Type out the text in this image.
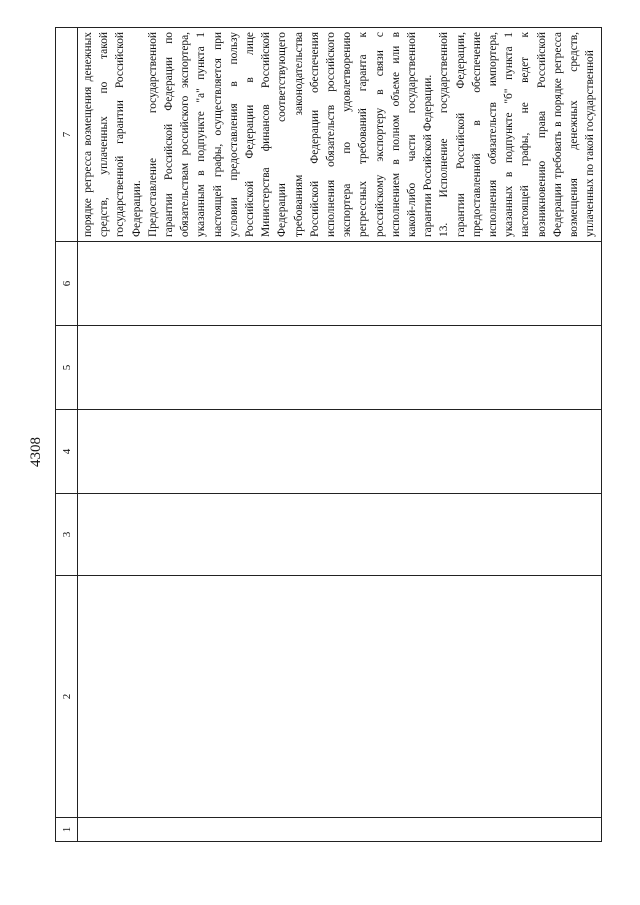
4308
1	2	3	4	5	6	7

						порядке регресса возмещения денежных средств, уплаченных по такой государственной гарантии Российской Федерации. Предоставление государственной гарантии Российской Федерации по обязательствам российского экспортера, указанным в подпункте "а" пункта 1 настоящей графы, осуществляется при условии предоставления в пользу Российской Федерации в лице Министерства финансов Российской Федерации соответствующего требованиям законодательства Российской Федерации обеспечения исполнения обязательств российского экспортера по удовлетворению регрессных требований гаранта к российскому экспортеру в связи с исполнением в полном объеме или в какой-либо части государственной гарантии Российской Федерации. 13. Исполнение государственной гарантии Российской Федерации, предоставленной в обеспечение исполнения обязательств импортера, указанных в подпункте "б" пункта 1 настоящей графы, не ведет к возникновению права Российской Федерации требовать в порядке регресса возмещения денежных средств, уплаченных по такой государственной
